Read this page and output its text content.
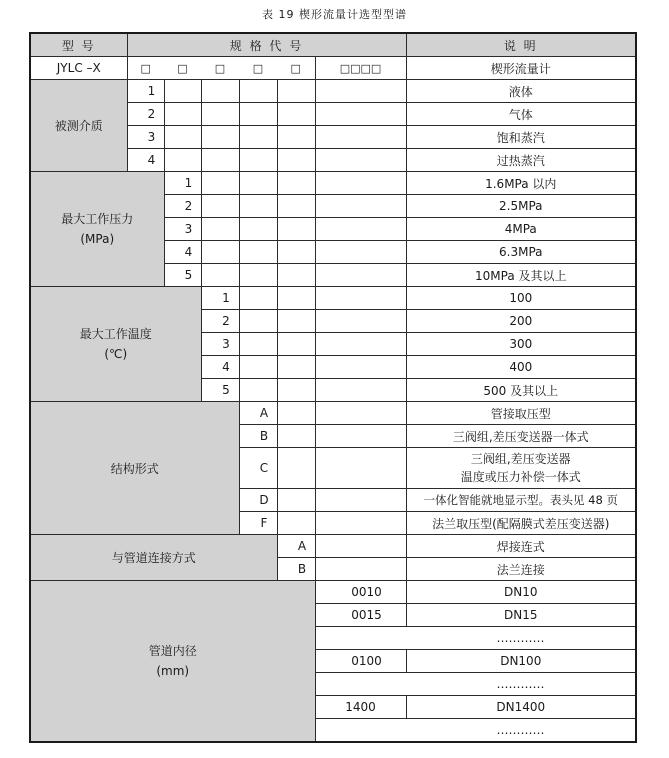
表 19 楔形流量计选型型谱
型 号	规 格 代 号						说 明
JYLC –X	□	□	□	□	□	□□□□	楔形流量计
被测介质	1						液体
	2						气体
	3						饱和蒸汽
	4						过热蒸汽

最大工作压力
(MPa)		1					1.6MPa 以内
		2					2.5MPa
		3					4MPa
		4					6.3MPa
		5					10MPa 及其以上

最大工作温度
(℃)			1				100
			2				200
			3				300
			4				400
			5				500 及其以上
结构形式				A			管接取压型
				B			三阀组,差压变送器一体式
				C			三阀组,差压变送器
温度或压力补偿一体式

				D			一体化智能就地显示型。表头见 48 页
				F			法兰取压型(配隔膜式差压变送器)
与管道连接方式					A		焊接连式
					B		法兰连接

管道内径
(mm)						0010	DN10
						0015	DN15
							…………
						0100	DN100
							…………
						1400	DN1400
							…………
